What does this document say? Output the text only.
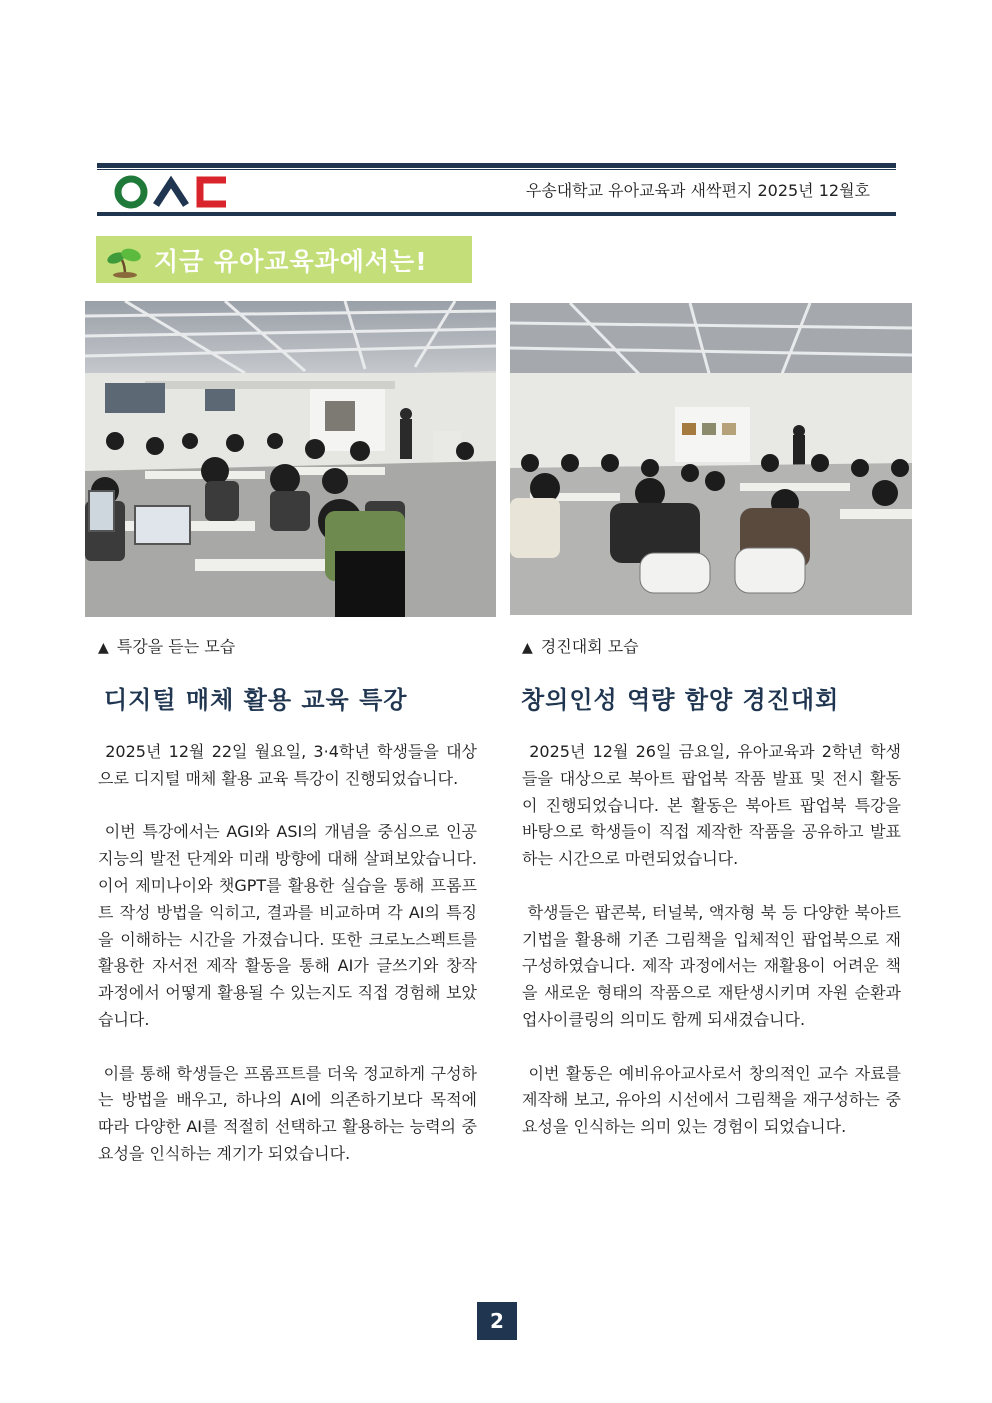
우송대학교 유아교육과 새싹편지 2025년 12월호
지금 유아교육과에서는!
▲ 특강을 듣는 모습	▲ 경진대회 모습
디지털 매체 활용 교육 특강	창의인성 역량 함양 경진대회

2025년 12월 22일 월요일, 3·4학년 학생들을 대상으로 디지털 매체 활용 교육 특강이 진행되었습니다.

이번 특강에서는 AGI와 ASI의 개념을 중심으로 인공지능의 발전 단계와 미래 방향에 대해 살펴보았습니다. 이어 제미나이와 챗GPT를 활용한 실습을 통해 프롬프트 작성 방법을 익히고, 결과를 비교하며 각 AI의 특징을 이해하는 시간을 가졌습니다. 또한 크로노스펙트를 활용한 자서전 제작 활동을 통해 AI가 글쓰기와 창작 과정에서 어떻게 활용될 수 있는지도 직접 경험해 보았습니다.

이를 통해 학생들은 프롬프트를 더욱 정교하게 구성하는 방법을 배우고, 하나의 AI에 의존하기보다 목적에 따라 다양한 AI를 적절히 선택하고 활용하는 능력의 중요성을 인식하는 계기가 되었습니다.

2025년 12월 26일 금요일, 유아교육과 2학년 학생들을 대상으로 북아트 팝업북 작품 발표 및 전시 활동이 진행되었습니다. 본 활동은 북아트 팝업북 특강을 바탕으로 학생들이 직접 제작한 작품을 공유하고 발표하는 시간으로 마련되었습니다.

학생들은 팝콘북, 터널북, 액자형 북 등 다양한 북아트 기법을 활용해 기존 그림책을 입체적인 팝업북으로 재구성하였습니다. 제작 과정에서는 재활용이 어려운 책을 새로운 형태의 작품으로 재탄생시키며 자원 순환과 업사이클링의 의미도 함께 되새겼습니다.

이번 활동은 예비유아교사로서 창의적인 교수 자료를 제작해 보고, 유아의 시선에서 그림책을 재구성하는 중요성을 인식하는 의미 있는 경험이 되었습니다.

2
